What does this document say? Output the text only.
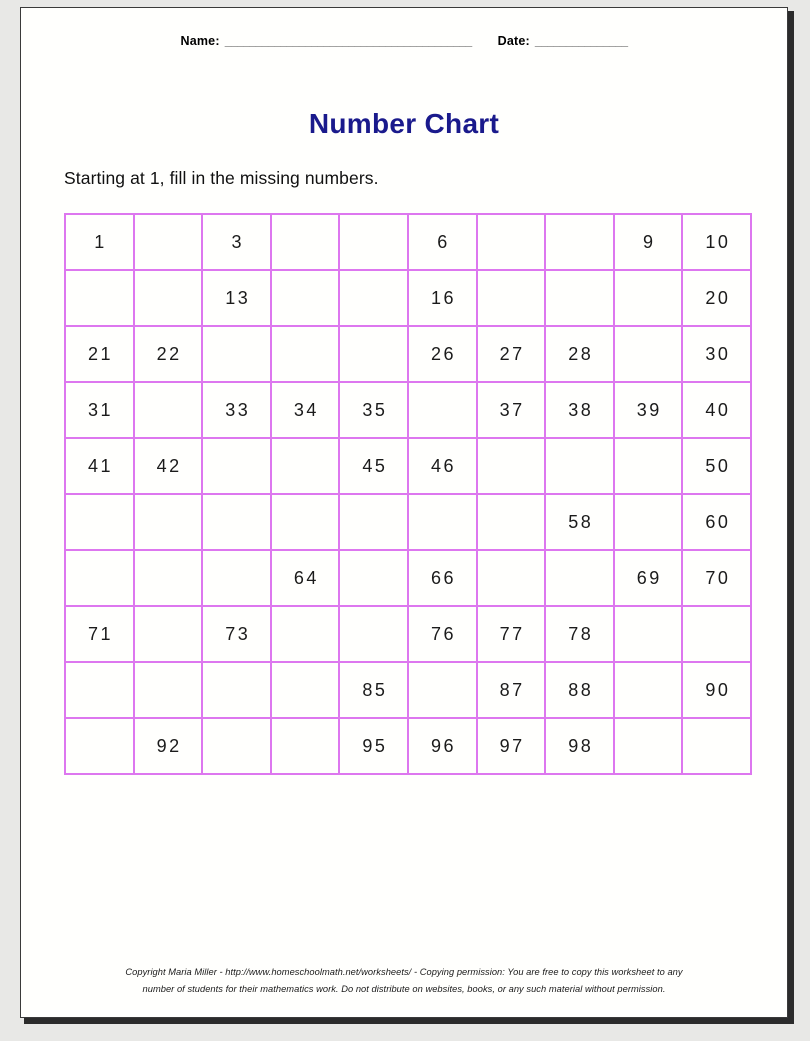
Name: ________________________________________ Date: _______________
Number Chart
Starting at 1, fill in the missing numbers.
1		3			6			9	10
		13			16				20
21	22				26	27	28		30
31		33	34	35		37	38	39	40
41	42			45	46				50
							58		60
			64		66			69	70
71		73			76	77	78		
				85		87	88		90
	92			95	96	97	98		
Copyright Maria Miller - http://www.homeschoolmath.net/worksheets/ - Copying permission: You are free to copy this worksheet to any
number of students for their mathematics work. Do not distribute on websites, books, or any such material without permission.
